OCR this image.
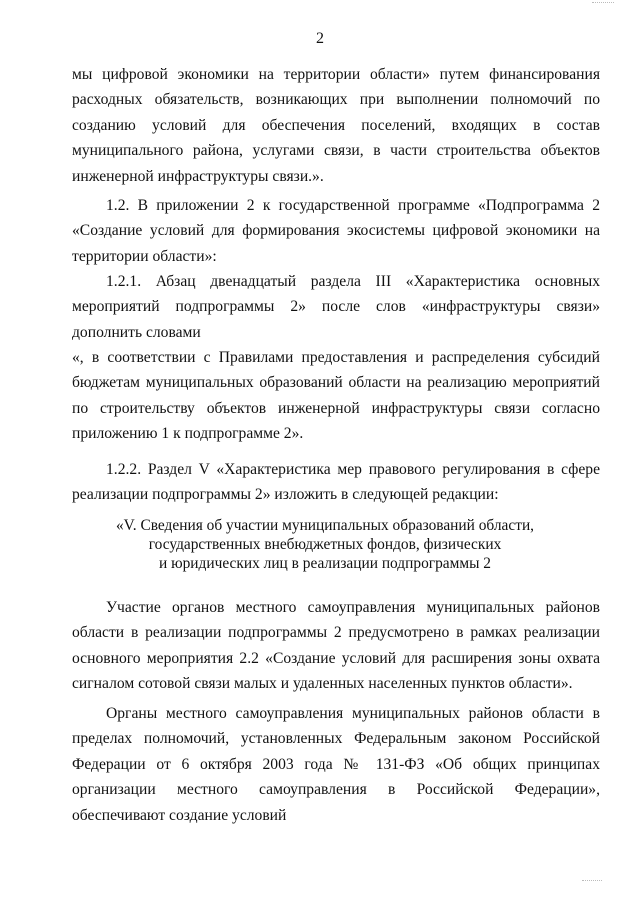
2

мы цифровой экономики на территории области» путем финансирования расходных обязательств, возникающих при выполнении полномочий по созданию условий для обеспечения поселений, входящих в состав муниципального района, услугами связи, в части строительства объектов инженерной инфраструктуры связи.».

1.2. В приложении 2 к государственной программе «Подпрограмма 2 «Создание условий для формирования экосистемы цифровой экономики на территории области»:

1.2.1. Абзац двенадцатый раздела III «Характеристика основных мероприятий подпрограммы 2» после слов «инфраструктуры связи» дополнить словами

«, в соответствии с Правилами предоставления и распределения субсидий бюджетам муниципальных образований области на реализацию мероприятий по строительству объектов инженерной инфраструктуры связи согласно приложению 1 к подпрограмме 2».

1.2.2. Раздел V «Характеристика мер правового регулирования в сфере реализации подпрограммы 2» изложить в следующей редакции:

«V. Сведения об участии муниципальных образований области,
государственных внебюджетных фондов, физических
и юридических лиц в реализации подпрограммы 2

Участие органов местного самоуправления муниципальных районов области в реализации подпрограммы 2 предусмотрено в рамках реализации основного мероприятия 2.2 «Создание условий для расширения зоны охвата сигналом сотовой связи малых и удаленных населенных пунктов области».

Органы местного самоуправления муниципальных районов области в пределах полномочий, установленных Федеральным законом Российской Федерации от 6 октября 2003 года № 131-ФЗ «Об общих принципах организации местного самоуправления в Российской Федерации», обеспечивают создание условий
